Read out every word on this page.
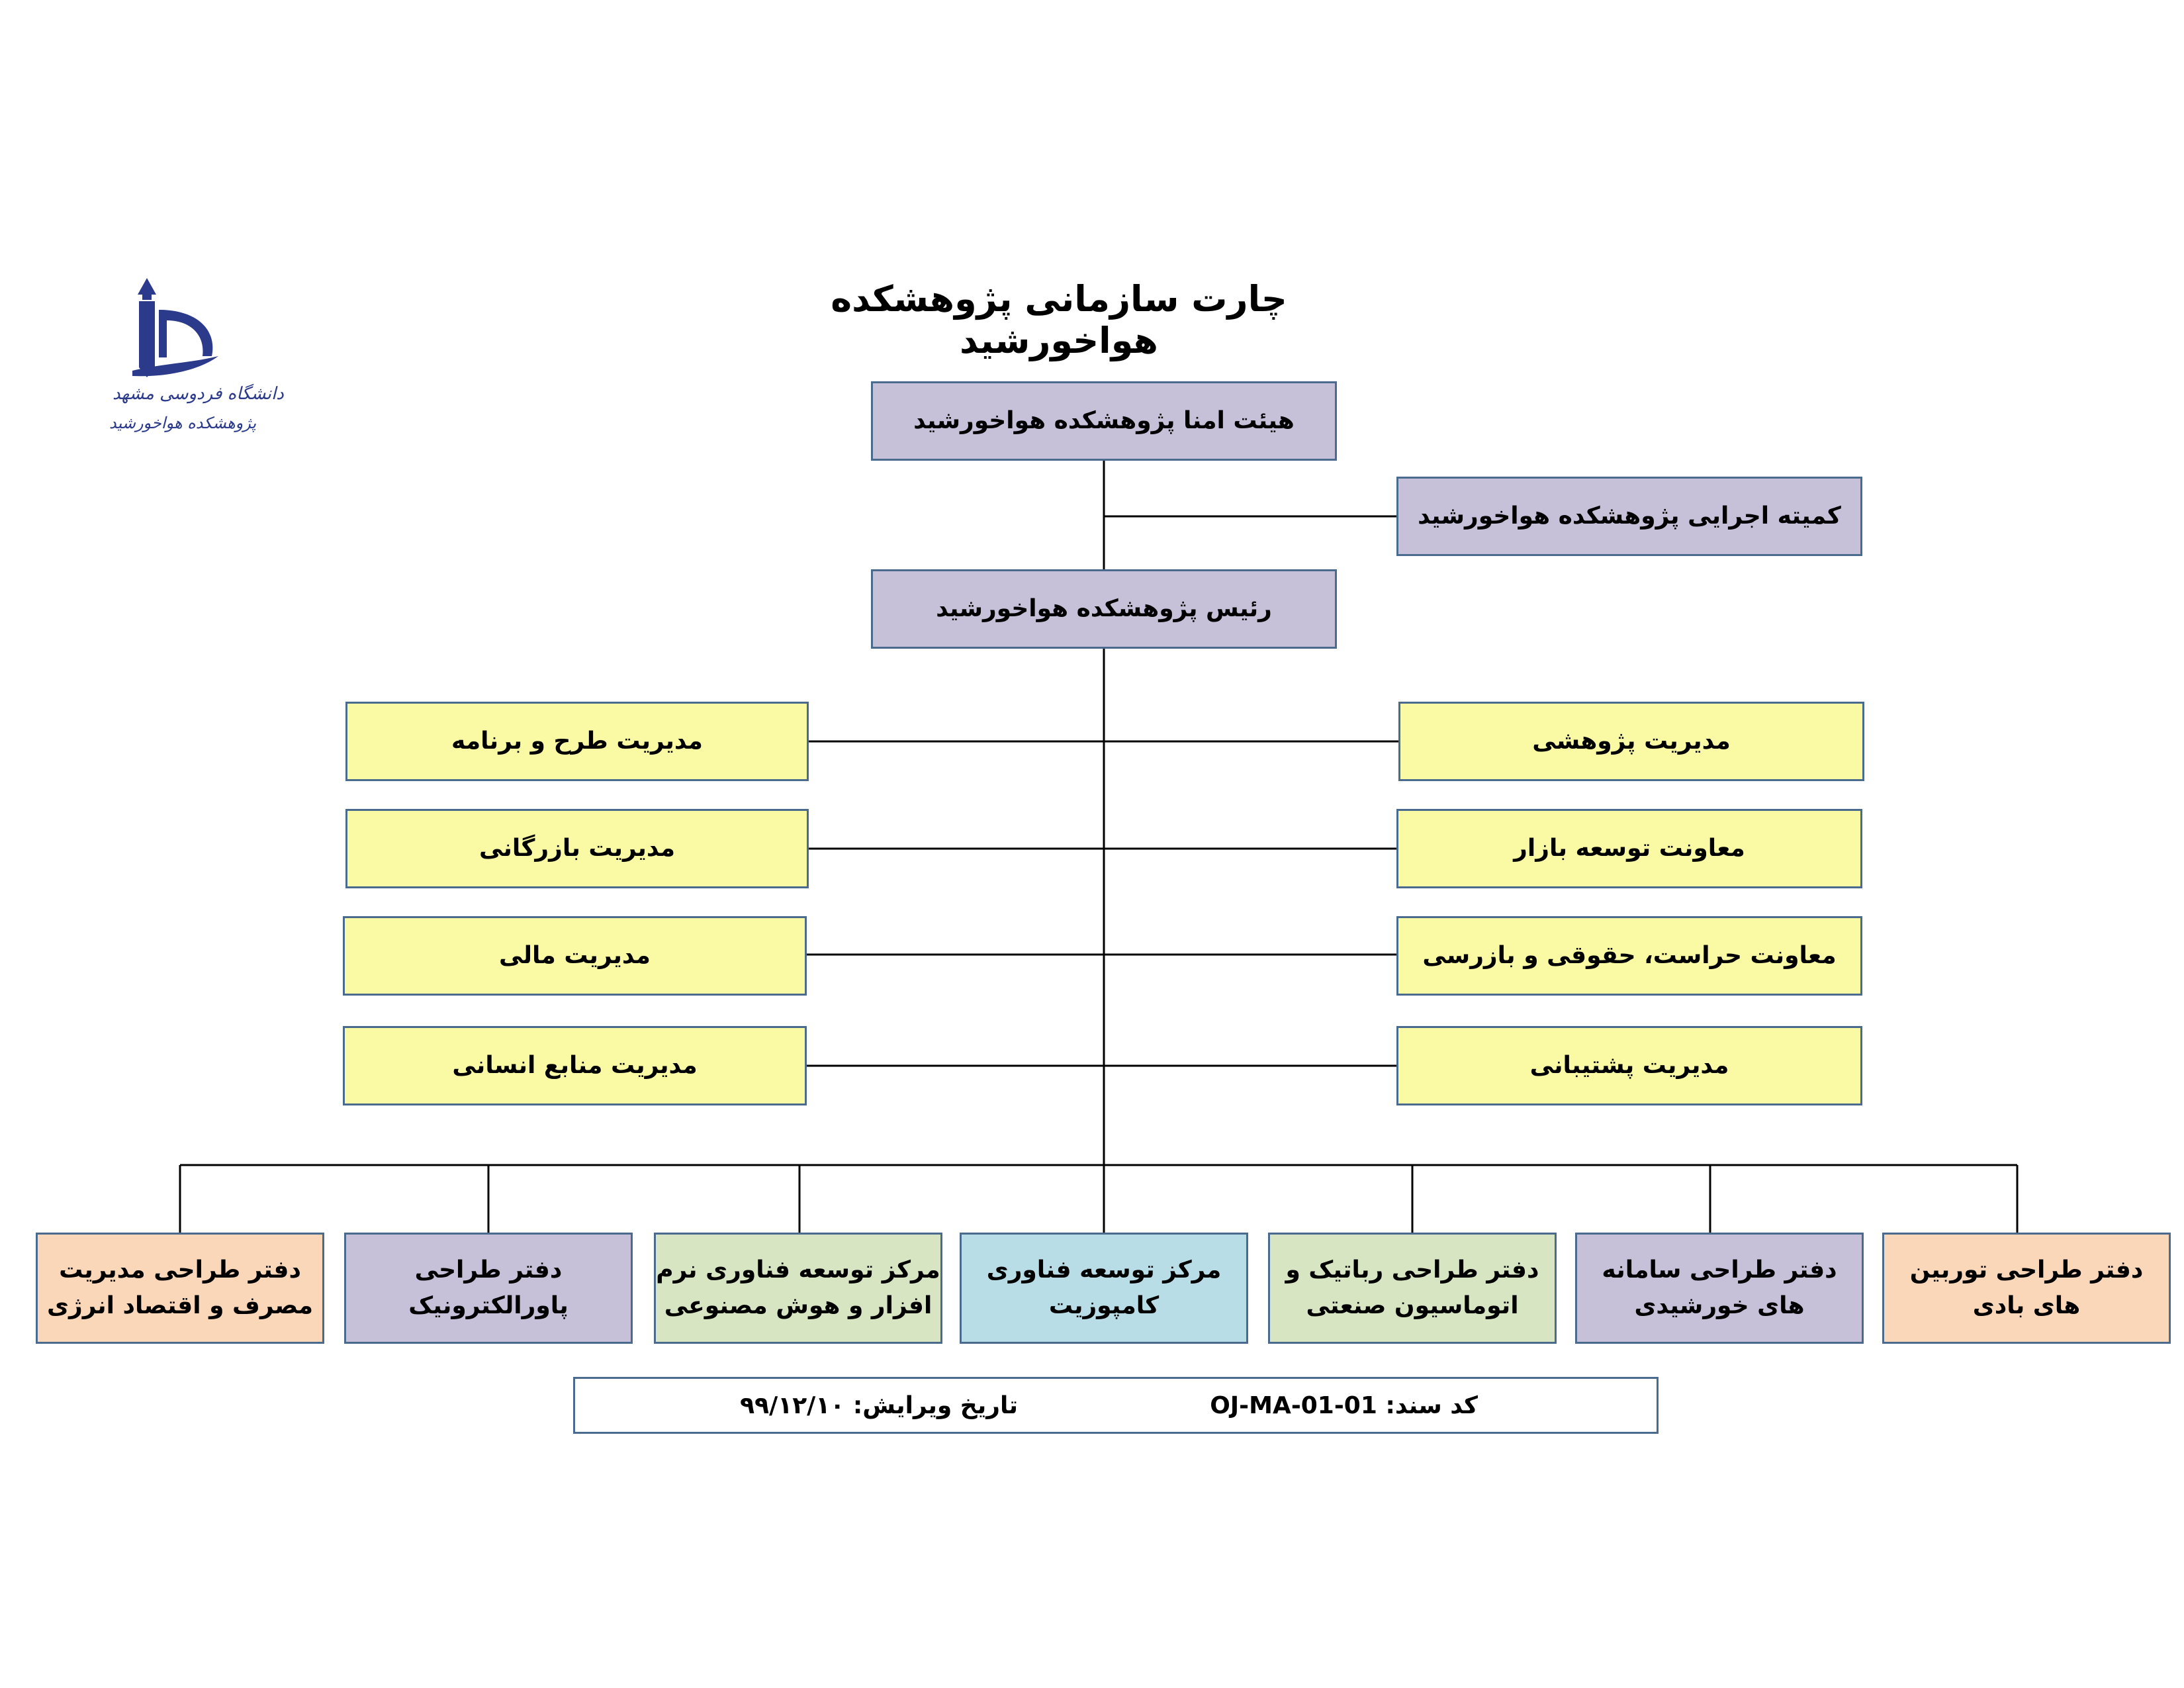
دانشگاه فردوسی مشهد
پژوهشکده هواخورشید
چارت سازمانی پژوهشکده هواخورشید
هیئت امنا پژوهشکده هواخورشید
کمیته اجرایی پژوهشکده هواخورشید
رئیس پژوهشکده هواخورشید
مدیریت پژوهشی
معاونت توسعه بازار
معاونت حراست، حقوقی و بازرسی
مدیریت پشتیبانی
مدیریت طرح و برنامه
مدیریت بازرگانی
مدیریت مالی
مدیریت منابع انسانی
دفتر طراحی توربین
های بادی
دفتر طراحی سامانه
های خورشیدی
دفتر طراحی رباتیک و
اتوماسیون صنعتی
مرکز توسعه فناوری
کامپوزیت
مرکز توسعه فناوری نرم
افزار و هوش مصنوعی
دفتر طراحی
پاورالکترونیک
دفتر طراحی مدیریت
مصرف و اقتصاد انرژی
کد سند: OJ-MA-01-01
تاریخ ویرایش: ۹۹/۱۲/۱۰
